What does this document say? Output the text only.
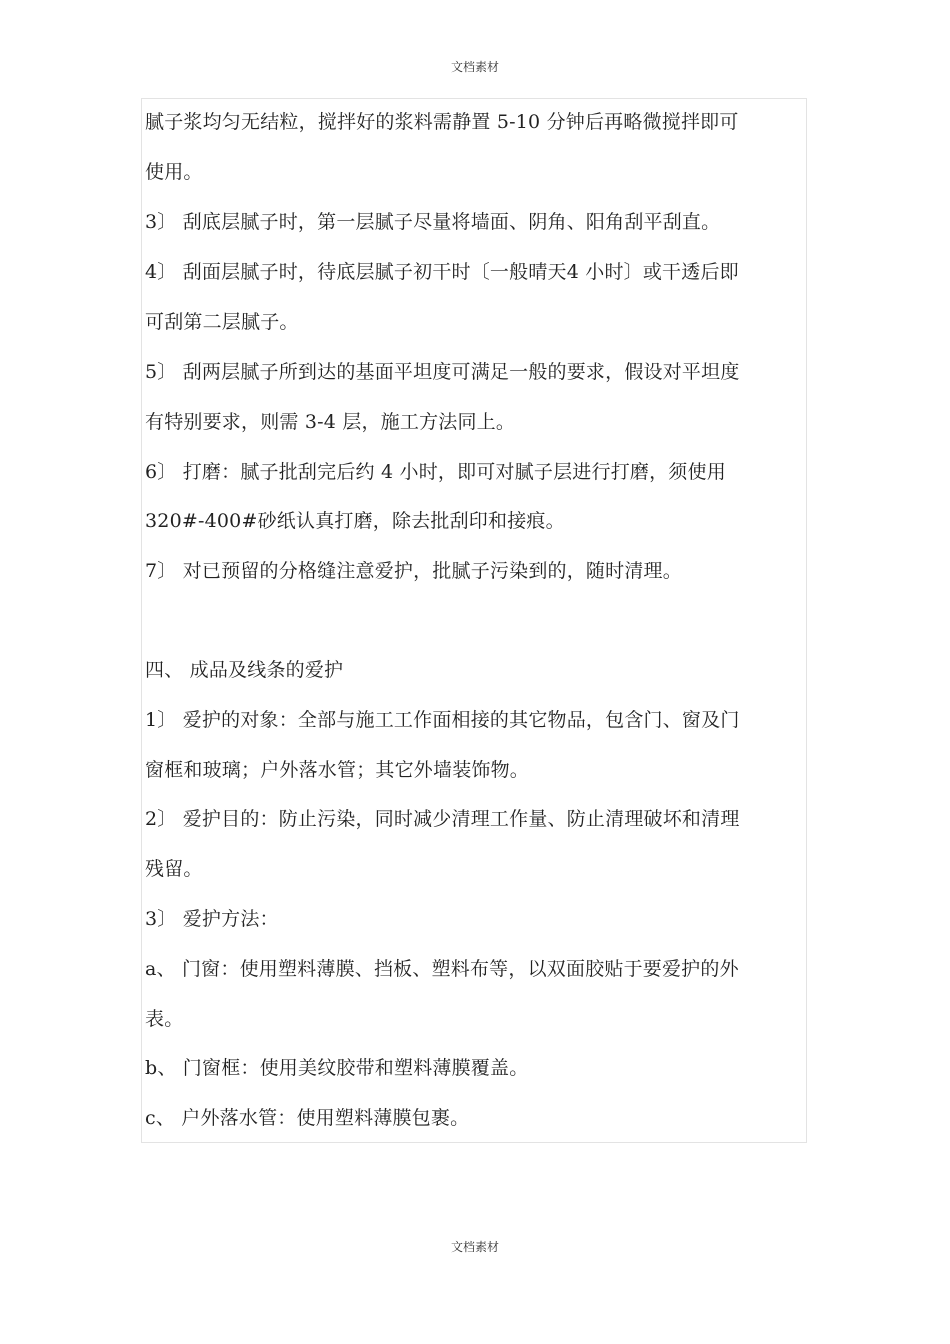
文档素材
腻子浆均匀无结粒，搅拌好的浆料需静置 5-10 分钟后再略微搅拌即可
使用。
3〕 刮底层腻子时，第一层腻子尽量将墙面、阴角、阳角刮平刮直。
4〕 刮面层腻子时，待底层腻子初干时〔一般晴天4 小时〕或干透后即
可刮第二层腻子。
5〕 刮两层腻子所到达的基面平坦度可满足一般的要求，假设对平坦度
有特别要求，则需 3-4 层，施工方法同上。
6〕 打磨：腻子批刮完后约 4 小时，即可对腻子层进行打磨，须使用
320#-400#砂纸认真打磨，除去批刮印和接痕。
7〕 对已预留的分格缝注意爱护，批腻子污染到的，随时清理。
四、 成品及线条的爱护
1〕 爱护的对象：全部与施工工作面相接的其它物品，包含门、窗及门
窗框和玻璃；户外落水管；其它外墙装饰物。
2〕 爱护目的：防止污染，同时减少清理工作量、防止清理破坏和清理
残留。
3〕 爱护方法：
a、 门窗：使用塑料薄膜、挡板、塑料布等，以双面胶贴于要爱护的外
表。
b、 门窗框：使用美纹胶带和塑料薄膜覆盖。
c、 户外落水管：使用塑料薄膜包裹。
文档素材
